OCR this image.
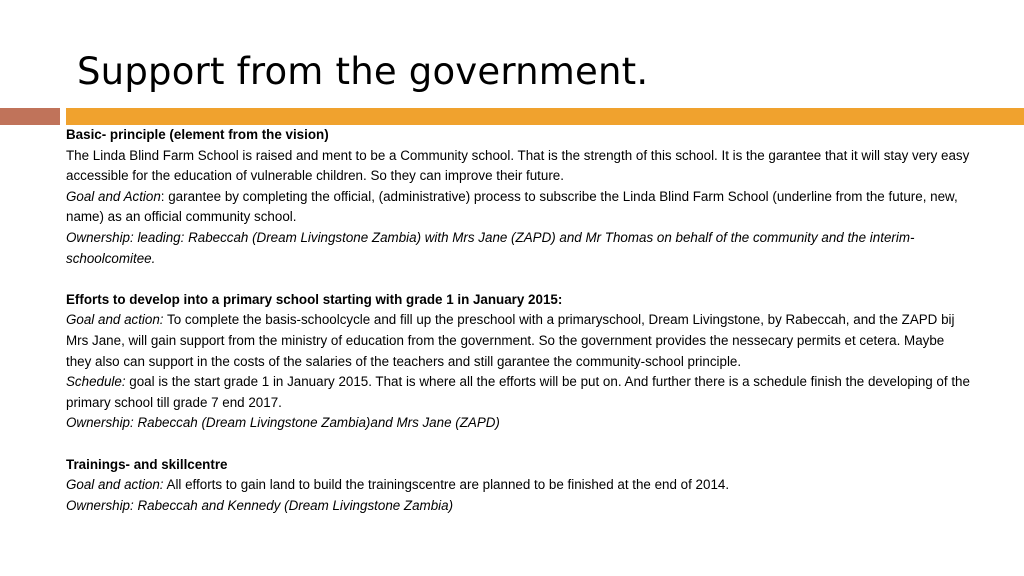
Support from the government.

Basic- principle (element from the vision)

The Linda Blind Farm School is raised and ment to be a Community school. That is the strength of this school. It is the garantee that it will stay very easy accessible for the education of vulnerable children. So they can improve their future.

Goal and Action: garantee by completing the official, (administrative) process to subscribe the Linda Blind Farm School (underline from the future, new, name) as an official community school.

Ownership: leading: Rabeccah (Dream Livingstone Zambia) with Mrs Jane (ZAPD) and Mr Thomas on behalf of the community and the interim-schoolcomitee.

Efforts to develop into a primary school starting with grade 1 in January 2015:

Goal and action: To complete the basis-schoolcycle and fill up the preschool with a primaryschool, Dream Livingstone, by Rabeccah, and the ZAPD bij Mrs Jane, will gain support from the ministry of education from the government. So the government provides the nessecary permits et cetera. Maybe they also can support in the costs of the salaries of the teachers and still garantee the community-school principle.

Schedule: goal is the start grade 1 in January 2015. That is where all the efforts will be put on. And further there is a schedule finish the developing of the primary school till grade 7 end 2017.

Ownership: Rabeccah (Dream Livingstone Zambia)and Mrs Jane (ZAPD)

Trainings- and skillcentre

Goal and action: All efforts to gain land to build the trainingscentre are planned to be finished at the end of 2014.

Ownership: Rabeccah and Kennedy (Dream Livingstone Zambia)
